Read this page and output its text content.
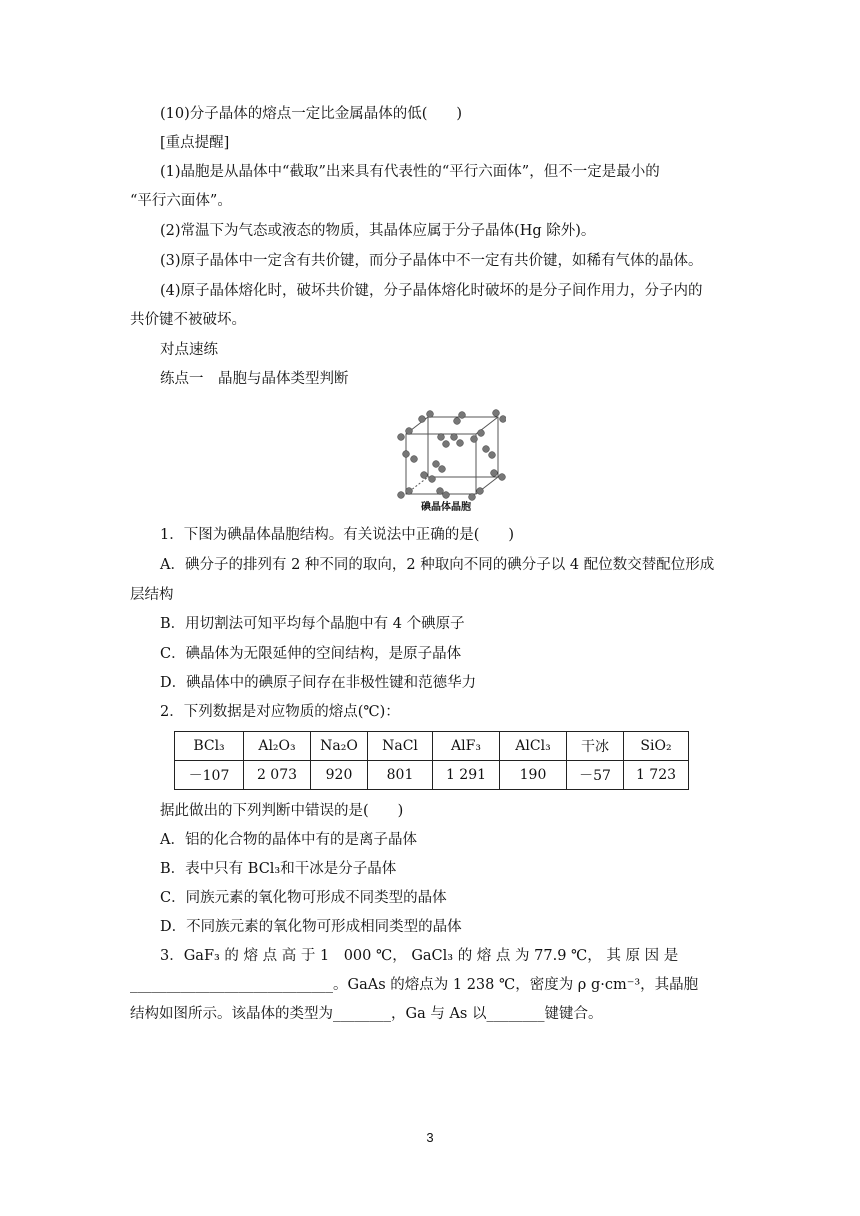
(10)分子晶体的熔点一定比金属晶体的低(　　)
[重点提醒]
(1)晶胞是从晶体中“截取”出来具有代表性的“平行六面体”，但不一定是最小的
“平行六面体”。
(2)常温下为气态或液态的物质，其晶体应属于分子晶体(Hg 除外)。
(3)原子晶体中一定含有共价键，而分子晶体中不一定有共价键，如稀有气体的晶体。
(4)原子晶体熔化时，破坏共价键，分子晶体熔化时破坏的是分子间作用力，分子内的
共价键不被破坏。
对点速练
练点一　晶胞与晶体类型判断
碘晶体晶胞
1．下图为碘晶体晶胞结构。有关说法中正确的是(　　)
A．碘分子的排列有 2 种不同的取向，2 种取向不同的碘分子以 4 配位数交替配位形成
层结构
B．用切割法可知平均每个晶胞中有 4 个碘原子
C．碘晶体为无限延伸的空间结构，是原子晶体
D．碘晶体中的碘原子间存在非极性键和范德华力
2．下列数据是对应物质的熔点(℃)：
BCl₃	Al₂O₃	Na₂O	NaCl	AlF₃	AlCl₃	干冰	SiO₂
－107	2 073	920	801	1 291	190	－57	1 723
据此做出的下列判断中错误的是(　　)
A．铝的化合物的晶体中有的是离子晶体
B．表中只有 BCl₃和干冰是分子晶体
C．同族元素的氧化物可形成不同类型的晶体
D．不同族元素的氧化物可形成相同类型的晶体
3．GaF₃ 的 熔 点 高 于 1　000 ℃， GaCl₃ 的 熔 点 为 77.9 ℃， 其 原 因 是
____________________________。GaAs 的熔点为 1 238 ℃，密度为 ρ g·cm⁻³，其晶胞
结构如图所示。该晶体的类型为________，Ga 与 As 以________键键合。
3
